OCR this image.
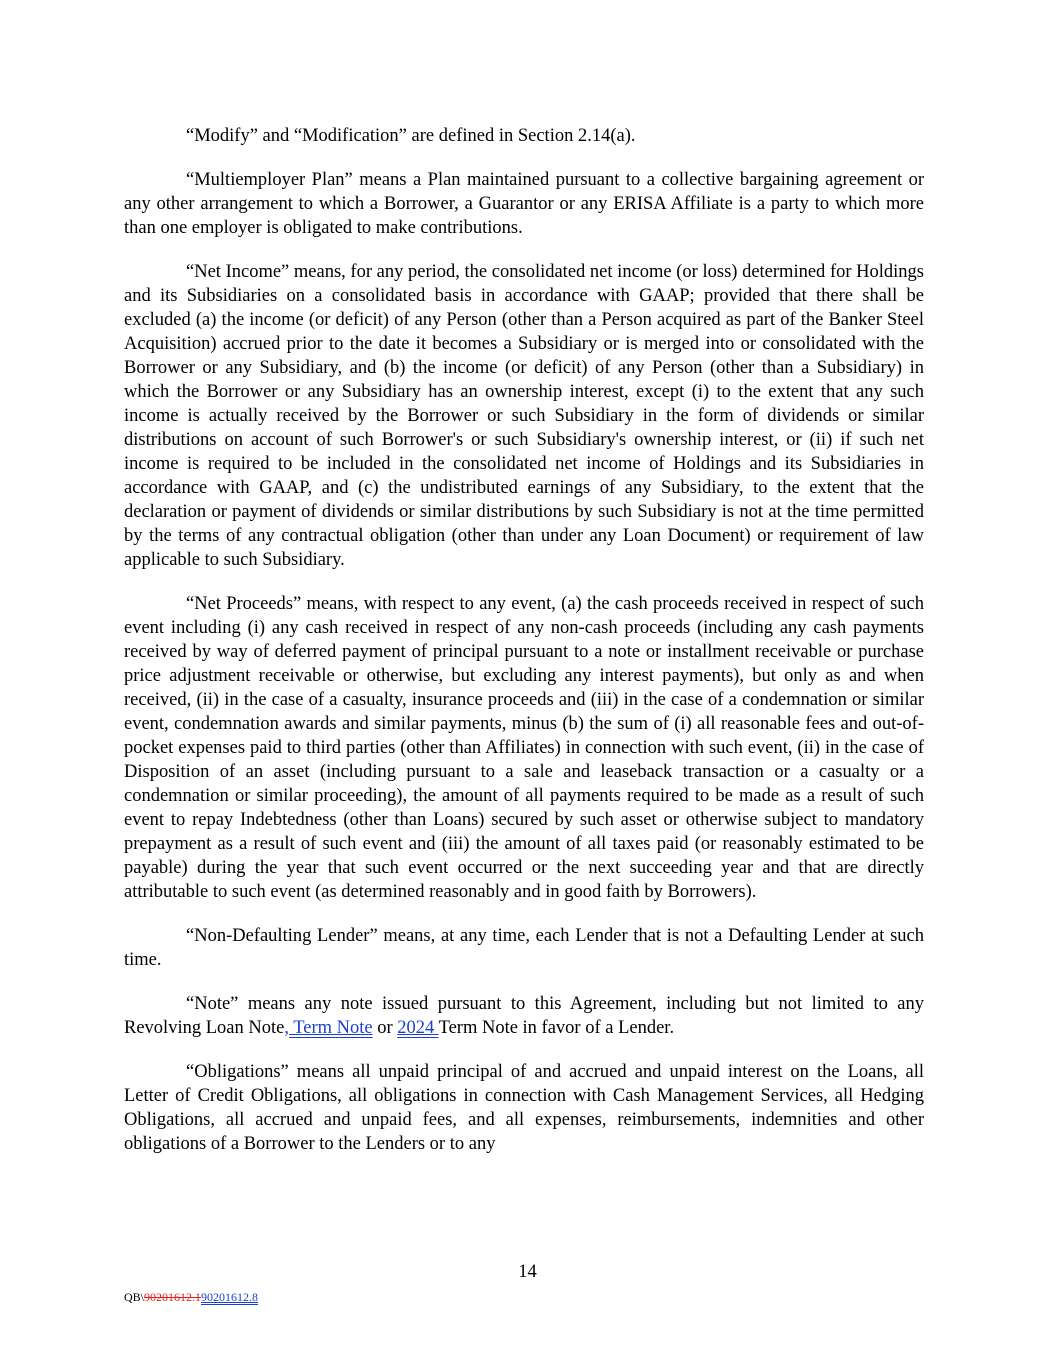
“Modify” and “Modification” are defined in Section 2.14(a).

“Multiemployer Plan” means a Plan maintained pursuant to a collective bargaining agreement or any other arrangement to which a Borrower, a Guarantor or any ERISA Affiliate is a party to which more than one employer is obligated to make contributions.

“Net Income” means, for any period, the consolidated net income (or loss) determined for Holdings and its Subsidiaries on a consolidated basis in accordance with GAAP; provided that there shall be excluded (a) the income (or deficit) of any Person (other than a Person acquired as part of the Banker Steel Acquisition) accrued prior to the date it becomes a Subsidiary or is merged into or consolidated with the Borrower or any Subsidiary, and (b) the income (or deficit) of any Person (other than a Subsidiary) in which the Borrower or any Subsidiary has an ownership interest, except (i) to the extent that any such income is actually received by the Borrower or such Subsidiary in the form of dividends or similar distributions on account of such Borrower's or such Subsidiary's ownership interest, or (ii) if such net income is required to be included in the consolidated net income of Holdings and its Subsidiaries in accordance with GAAP, and (c) the undistributed earnings of any Subsidiary, to the extent that the declaration or payment of dividends or similar distributions by such Subsidiary is not at the time permitted by the terms of any contractual obligation (other than under any Loan Document) or requirement of law applicable to such Subsidiary.

“Net Proceeds” means, with respect to any event, (a) the cash proceeds received in respect of such event including (i) any cash received in respect of any non-cash proceeds (including any cash payments received by way of deferred payment of principal pursuant to a note or installment receivable or purchase price adjustment receivable or otherwise, but excluding any interest payments), but only as and when received, (ii) in the case of a casualty, insurance proceeds and (iii) in the case of a condemnation or similar event, condemnation awards and similar payments, minus (b) the sum of (i) all reasonable fees and out-of-pocket expenses paid to third parties (other than Affiliates) in connection with such event, (ii) in the case of Disposition of an asset (including pursuant to a sale and leaseback transaction or a casualty or a condemnation or similar proceeding), the amount of all payments required to be made as a result of such event to repay Indebtedness (other than Loans) secured by such asset or otherwise subject to mandatory prepayment as a result of such event and (iii) the amount of all taxes paid (or reasonably estimated to be payable) during the year that such event occurred or the next succeeding year and that are directly attributable to such event (as determined reasonably and in good faith by Borrowers).

“Non-Defaulting Lender” means, at any time, each Lender that is not a Defaulting Lender at such time.

“Note” means any note issued pursuant to this Agreement, including but not limited to any Revolving Loan Note, Term Note or 2024 Term Note in favor of a Lender.

“Obligations” means all unpaid principal of and accrued and unpaid interest on the Loans, all Letter of Credit Obligations, all obligations in connection with Cash Management Services, all Hedging Obligations, all accrued and unpaid fees, and all expenses, reimbursements, indemnities and other obligations of a Borrower to the Lenders or to any

14
QB\90201612.190201612.8
